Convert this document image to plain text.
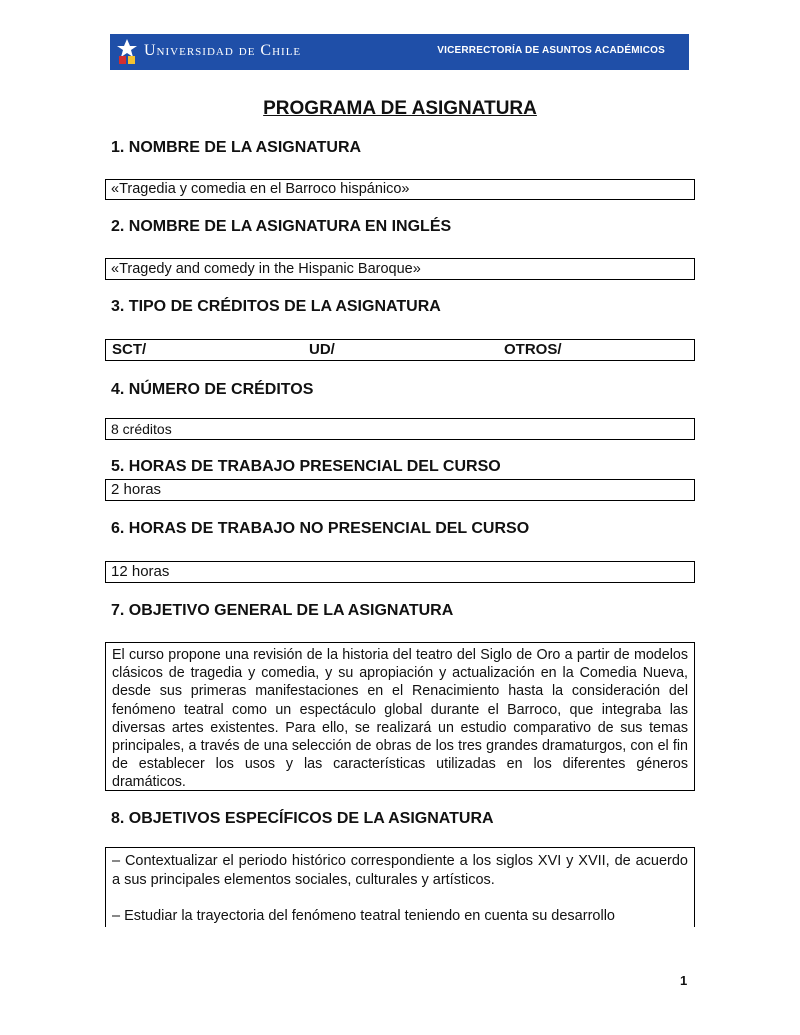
Universidad de Chile	VICERRECTORÍA DE ASUNTOS ACADÉMICOS
PROGRAMA DE ASIGNATURA
1. NOMBRE DE LA ASIGNATURA
«Tragedia y comedia en el Barroco hispánico»
2. NOMBRE DE LA ASIGNATURA EN INGLÉS
«Tragedy and comedy in the Hispanic Baroque»
3. TIPO DE CRÉDITOS DE LA ASIGNATURA
SCT/	UD/	OTROS/
4. NÚMERO DE CRÉDITOS
8 créditos
5. HORAS DE TRABAJO PRESENCIAL DEL CURSO
2 horas
6. HORAS DE TRABAJO NO PRESENCIAL DEL CURSO
12 horas
7. OBJETIVO GENERAL DE LA ASIGNATURA
El curso propone una revisión de la historia del teatro del Siglo de Oro a partir de modelos clásicos de tragedia y comedia, y su apropiación y actualización en la Comedia Nueva, desde sus primeras manifestaciones en el Renacimiento hasta la consideración del fenómeno teatral como un espectáculo global durante el Barroco, que integraba las diversas artes existentes. Para ello, se realizará un estudio comparativo de sus temas principales, a través de una selección de obras de los tres grandes dramaturgos, con el fin de establecer los usos y las características utilizadas en los diferentes géneros dramáticos.
8. OBJETIVOS ESPECÍFICOS DE LA ASIGNATURA

– Contextualizar el periodo histórico correspondiente a los siglos XVI y XVII, de acuerdo a sus principales elementos sociales, culturales y artísticos.

– Estudiar la trayectoria del fenómeno teatral teniendo en cuenta su desarrollo

1
